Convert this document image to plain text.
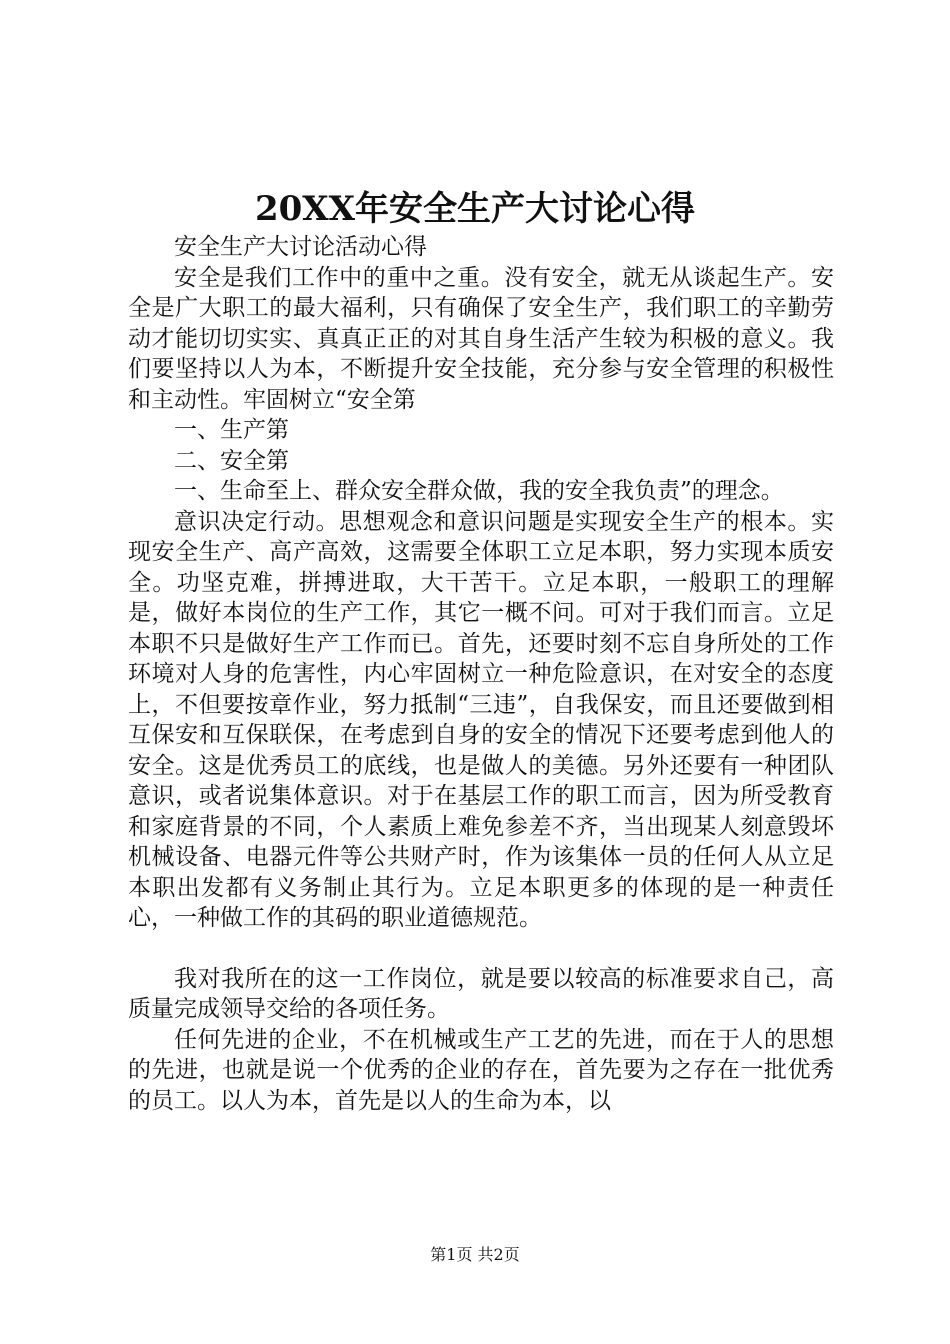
20XX年安全生产大讨论心得

安全生产大讨论活动心得

安全是我们工作中的重中之重。没有安全，就无从谈起生产。安全是广大职工的最大福利，只有确保了安全生产，我们职工的辛勤劳动才能切切实实、真真正正的对其自身生活产生较为积极的意义。我们要坚持以人为本，不断提升安全技能，充分参与安全管理的积极性和主动性。牢固树立“安全第

一、生产第

二、安全第

一、生命至上、群众安全群众做，我的安全我负责”的理念。

意识决定行动。思想观念和意识问题是实现安全生产的根本。实现安全生产、高产高效，这需要全体职工立足本职，努力实现本质安全。功坚克难，拼搏进取，大干苦干。立足本职，一般职工的理解是，做好本岗位的生产工作，其它一概不问。可对于我们而言。立足本职不只是做好生产工作而已。首先，还要时刻不忘自身所处的工作环境对人身的危害性，内心牢固树立一种危险意识，在对安全的态度上，不但要按章作业，努力抵制“三违”，自我保安，而且还要做到相互保安和互保联保，在考虑到自身的安全的情况下还要考虑到他人的安全。这是优秀员工的底线，也是做人的美德。另外还要有一种团队意识，或者说集体意识。对于在基层工作的职工而言，因为所受教育和家庭背景的不同，个人素质上难免参差不齐，当出现某人刻意毁坏机械设备、电器元件等公共财产时，作为该集体一员的任何人从立足本职出发都有义务制止其行为。立足本职更多的体现的是一种责任心，一种做工作的其码的职业道德规范。

我对我所在的这一工作岗位，就是要以较高的标准要求自己，高质量完成领导交给的各项任务。

任何先进的企业，不在机械或生产工艺的先进，而在于人的思想的先进，也就是说一个优秀的企业的存在，首先要为之存在一批优秀的员工。以人为本，首先是以人的生命为本，以

第1页 共2页
